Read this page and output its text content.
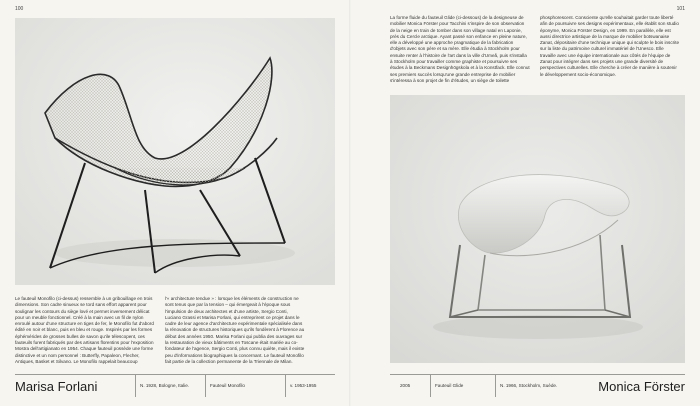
100

Le fauteuil Monofilo (ci-dessus) ressemble à un gribouillage en trois dimensions. Son cadre sinueux se tord sans effort apparent pour soulignar les contours du siège lové et permet inversement délicat pour un meuble fonctionnel. Créé à la main avec un fil de nylon enroulé autour d'une structure en tiges de fer, le Monofilo fut d'abord édité en noir et blanc, puis en bleu et rouge. Inspirés par les formes éphémérides de grosses bulles de savon qu'ile télescopent, ces fauteuils furent fabriqués par des artisans florentins pour l'exposition Mostra dell'artigianato en 1954. Chaque fauteuil possède une forme distinctive et un nom personnel : Butterfly, Papaleon, Flecher, Antiques, Basket et Silvano. Le Monofilo rappelait beaucoup

l'« architecture tendue » : lorsque les éléments de construction ne sont tenus que par la tension – qui émergeait à l'époque sous l'impulsion de deux architectes et d'une artiste, Sergio Conti, Luciano Grassi et Marisa Forlani, qui entreprirent ce projet dans le cadre de leur agence d'architecture expérimentale spécialisée dans la rénovation de structures historiques qu'ils fondèrent à Florence au début des années 1950. Marisa Forlani qui publia des ouvrages sur la restauration de vieux bâtiments en Toscane était mariée au co-fondateur de l'agence, Sergio Conti, plus connu quiète, mais il existe peu d'informations biographiques la concernant. Le fauteuil Monofilo fait partie de la collection permanente de la Triennale de Milan.

Marisa Forlani	N. 1928, Bologne, Italie.	Fauteuil Monofilo	v. 1953-1955
101

La forme fluide du fauteuil Glide (ci-dessous) de la designeuse de mobilier Monica Förster pour Tacchini s'inspire de son observation de la neige en train de tomber dans son village natal en Laponie, près du Cercle arctique. Ayant passé son enfance en pleine nature, elle a développé une approche pragmatique de la fabrication d'objets avec son père et sa mère. Elle étudia à Stockholm pour ensuite renter à l'histoire de l'art dans la ville d'Umeå, puis s'installa à Stockholm pour travailler comme graphiste et poursuivre ses études à la Beckmans Designhögskola et à la Konstfack. Elle connut ses premiers succès lorsqu'une grande entreprise de mobilier s'intéressa à son projet de fin d'études, un siège de toilette

phosphorescent. Consciente qu'elle souhaitait garder toute liberté afin de poursuivre ses designs expérimentaux, elle établit son studio éponyme, Monica Förster Design, en 1999. En parallèle, elle est aussi directrice artistique de la marque de mobilier botswanaise Zanat, dépositaire d'une technique unique qui sculpte le bois inscrite sur la liste du patrimoine culturel immatériel de l'Unesco. Elle travaille avec une équipe internationale aux côtés de l'équipe de Zanat pour intégrer dans ses projets une grande diversité de perspectives culturelles. Elle cherche à créer de manière à soutenir le développement socio-économique.

2005	Fauteuil Glide	N. 1966, Stockholm, Suède.	Monica Förster
